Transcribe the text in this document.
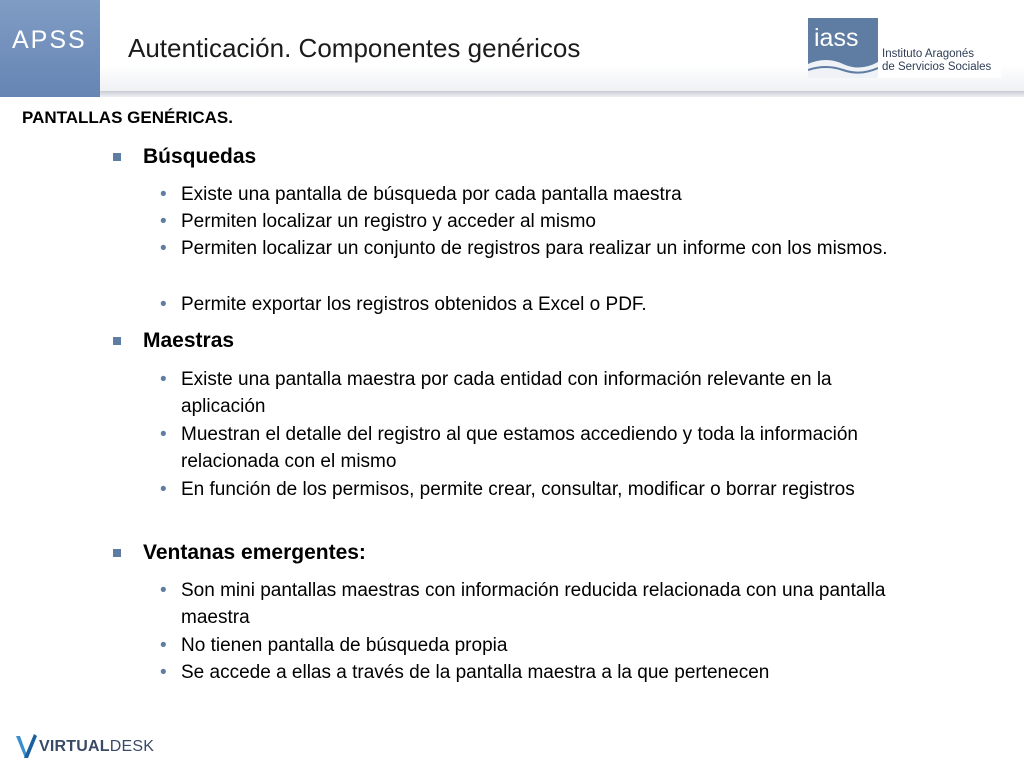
APSS Autenticación. Componentes genéricos	iass
Instituto Aragonés
de Servicios Sociales
PANTALLAS GENÉRICAS.
Búsquedas
• Existe una pantalla de búsqueda por cada pantalla maestra
• Permiten localizar un registro y acceder al mismo
• Permiten localizar un conjunto de registros para realizar un informe con los mismos.
• Permite exportar los registros obtenidos a Excel o PDF.
Maestras
• Existe una pantalla maestra por cada entidad con información relevante en la aplicación
• Muestran el detalle del registro al que estamos accediendo y toda la información relacionada con el mismo
• En función de los permisos, permite crear, consultar, modificar o borrar registros
Ventanas emergentes:
• Son mini pantallas maestras con información reducida relacionada con una pantalla maestra
• No tienen pantalla de búsqueda propia
• Se accede a ellas a través de la pantalla maestra a la que pertenecen
VIRTUALDESK
